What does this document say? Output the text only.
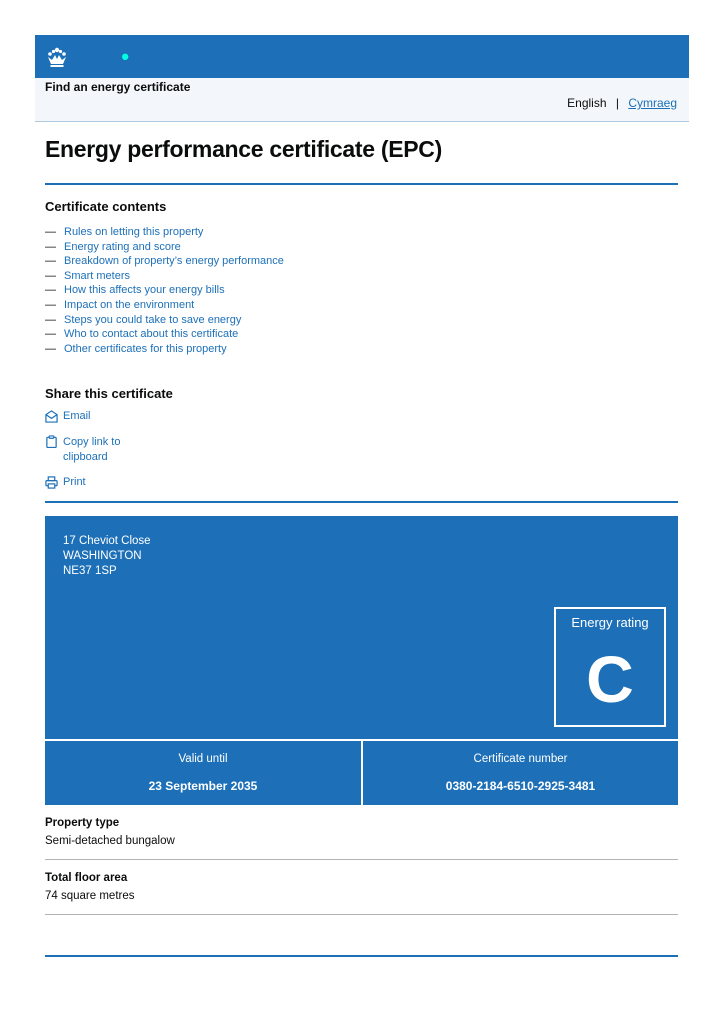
GOV•UK
Find an energy certificate
English | Cymraeg
Energy performance certificate (EPC)
Certificate contents
— Rules on letting this property
— Energy rating and score
— Breakdown of property’s energy performance
— Smart meters
— How this affects your energy bills
— Impact on the environment
— Steps you could take to save energy
— Who to contact about this certificate
— Other certificates for this property
Share this certificate
Email
Copy link to clipboard
Print
17 Cheviot Close
WASHINGTON
NE37 1SP
Energy rating
C
Valid until
23 September 2035
Certificate number
0380-2184-6510-2925-3481
Property type
Semi-detached bungalow
Total floor area
74 square metres
